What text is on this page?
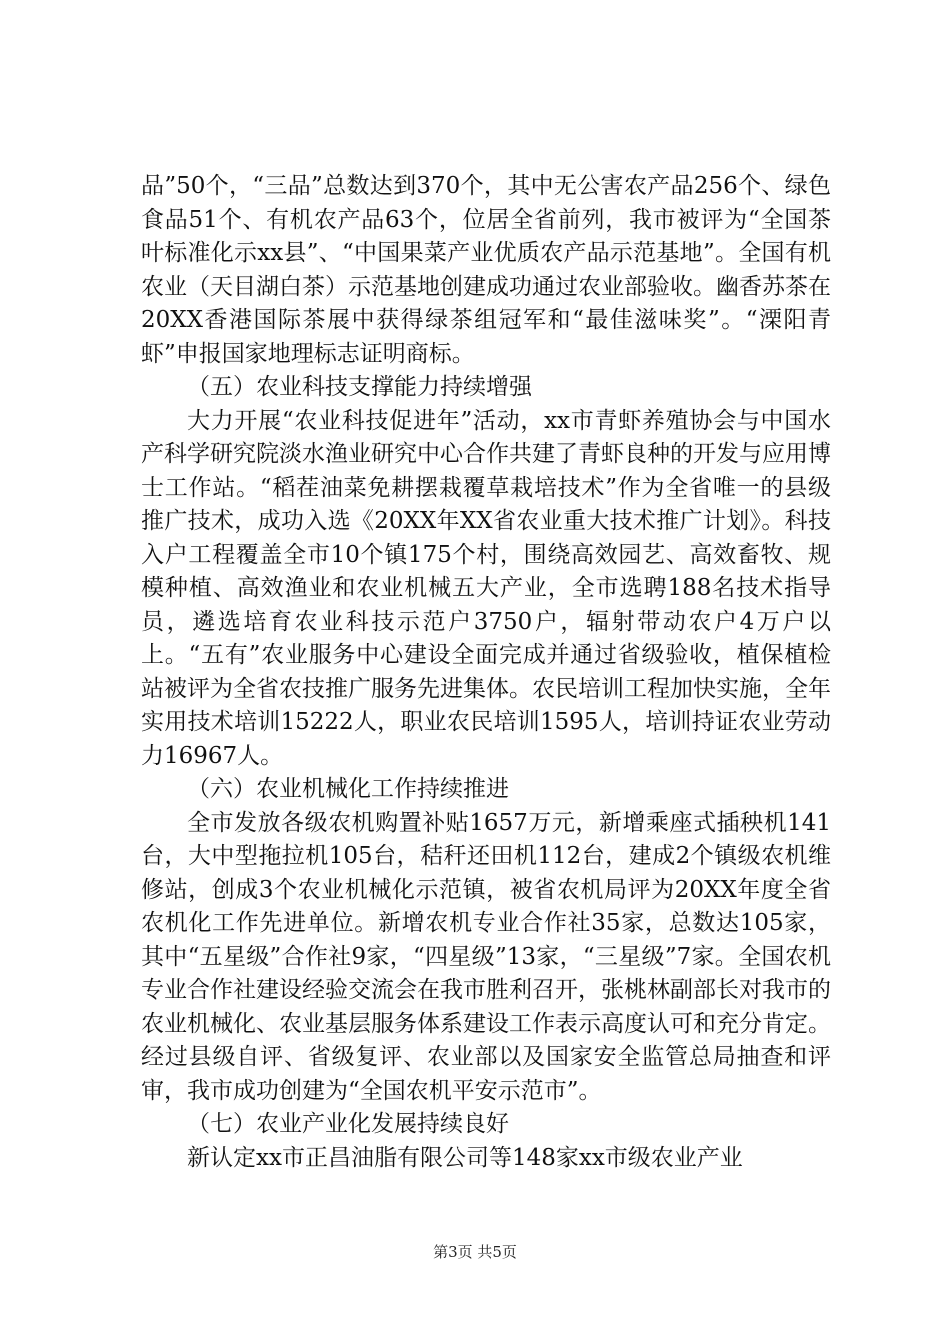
品”50个，“三品”总数达到370个，其中无公害农产品256个、绿色食品51个、有机农产品63个，位居全省前列，我市被评为“全国茶叶标准化示xx县”、“中国果菜产业优质农产品示范基地”。全国有机农业（天目湖白茶）示范基地创建成功通过农业部验收。幽香苏茶在20XX香港国际茶展中获得绿茶组冠军和“最佳滋味奖”。“溧阳青虾”申报国家地理标志证明商标。

（五）农业科技支撑能力持续增强

大力开展“农业科技促进年”活动，xx市青虾养殖协会与中国水产科学研究院淡水渔业研究中心合作共建了青虾良种的开发与应用博士工作站。“稻茬油菜免耕摆栽覆草栽培技术”作为全省唯一的县级推广技术，成功入选《20XX年XX省农业重大技术推广计划》。科技入户工程覆盖全市10个镇175个村，围绕高效园艺、高效畜牧、规模种植、高效渔业和农业机械五大产业，全市选聘188名技术指导员，遴选培育农业科技示范户3750户，辐射带动农户4万户以上。“五有”农业服务中心建设全面完成并通过省级验收，植保植检站被评为全省农技推广服务先进集体。农民培训工程加快实施，全年实用技术培训15222人，职业农民培训1595人，培训持证农业劳动力16967人。

（六）农业机械化工作持续推进

全市发放各级农机购置补贴1657万元，新增乘座式插秧机141台，大中型拖拉机105台，秸秆还田机112台，建成2个镇级农机维修站，创成3个农业机械化示范镇，被省农机局评为20XX年度全省农机化工作先进单位。新增农机专业合作社35家，总数达105家，其中“五星级”合作社9家，“四星级”13家，“三星级”7家。全国农机专业合作社建设经验交流会在我市胜利召开，张桃林副部长对我市的农业机械化、农业基层服务体系建设工作表示高度认可和充分肯定。经过县级自评、省级复评、农业部以及国家安全监管总局抽查和评审，我市成功创建为“全国农机平安示范市”。

（七）农业产业化发展持续良好

新认定xx市正昌油脂有限公司等148家xx市级农业产业

第3页 共5页
